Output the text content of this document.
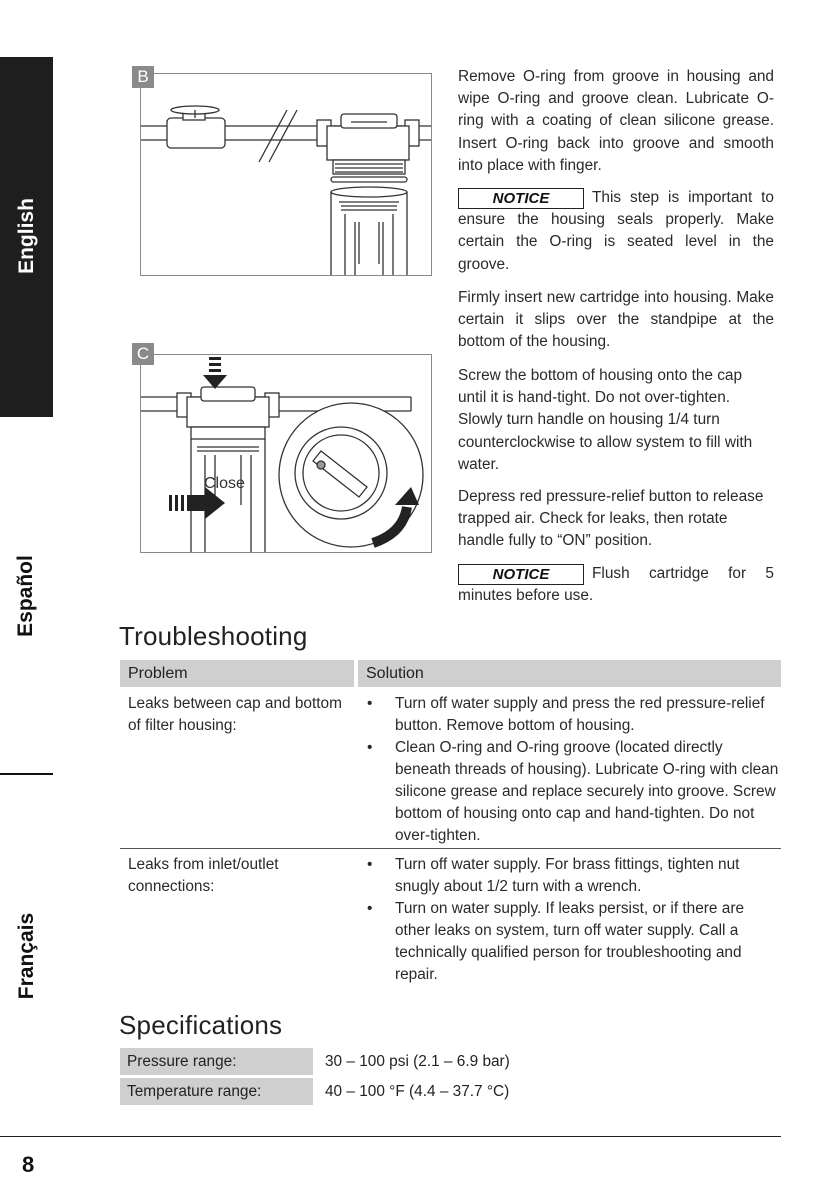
English
Español
Français
B
Close
C

Remove O-ring from groove in housing and wipe O-ring and groove clean. Lubricate O-ring with a coating of clean silicone grease. Insert O-ring back into groove and smooth into place with finger.

NOTICE	This step is important to ensure the housing seals properly. Make certain the O-ring is seated level in the groove.

Firmly insert new cartridge into housing. Make certain it slips over the standpipe at the bottom of the housing.

Screw the bottom of housing onto the cap until it is hand-tight. Do not over-tighten. Slowly turn handle on housing 1/4 turn counterclockwise to allow system to fill with water.

Depress red pressure-relief button to release trapped air. Check for leaks, then rotate handle fully to “ON” position.

NOTICE	Flush cartridge for 5 minutes before use.

Troubleshooting
Problem	Solution
Leaks between cap and bottom of filter housing:
• Turn off water supply and press the red pressure-relief button. Remove bottom of housing.
• Clean O-ring and O-ring groove (located directly beneath threads of housing). Lubricate O-ring with clean silicone grease and replace securely into groove. Screw bottom of housing onto cap and hand-tighten. Do not over-tighten.
Leaks from inlet/outlet connections:
• Turn off water supply. For brass fittings, tighten nut snugly about 1/2 turn with a wrench.
• Turn on water supply. If leaks persist, or if there are other leaks on system, turn off water supply. Call a technically qualified person for troubleshooting and repair.
Specifications
Pressure range:	30 – 100 psi (2.1 – 6.9 bar)
Temperature range:	40 – 100 °F (4.4 – 37.7 °C)
8
